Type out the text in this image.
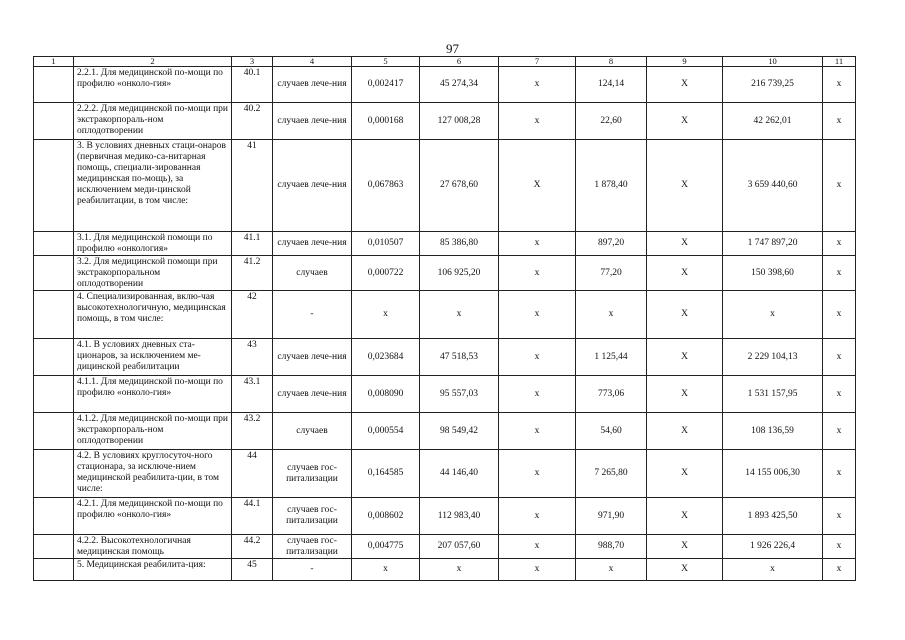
97
1	2	3	4	5	6	7	8	9	10	11
	2.2.1. Для медицинской по-мощи по профилю «онколо-гия»	40.1	случаев лече-ния	0,002417	45 274,34	x	124,14	X	216 739,25	x
	2.2.2. Для медицинской по-мощи при экстракорпораль-ном оплодотворении	40.2	случаев лече-ния	0,000168	127 008,28	x	22,60	X	42 262,01	x
	3. В условиях дневных стаци-онаров (первичная медико-са-нитарная помощь, специали-зированная медицинская по-мощь), за исключением меди-цинской реабилитации, в том числе:	41	случаев лече-ния	0,067863	27 678,60	X	1 878,40	X	3 659 440,60	x
	3.1. Для медицинской помощи по профилю «онкология»	41.1	случаев лече-ния	0,010507	85 386,80	x	897,20	X	1 747 897,20	x
	3.2. Для медицинской помощи при экстракорпоральном оплодотворении	41.2	случаев	0,000722	106 925,20	x	77,20	X	150 398,60	x
	4. Специализированная, вклю-чая высокотехнологичную, медицинская помощь, в том числе:	42	-	x	x	x	x	X	x	x
	4.1. В условиях дневных ста-ционаров, за исключением ме-дицинской реабилитации	43	случаев лече-ния	0,023684	47 518,53	x	1 125,44	X	2 229 104,13	x
	4.1.1. Для медицинской по-мощи по профилю «онколо-гия»	43.1	случаев лече-ния	0,008090	95 557,03	x	773,06	X	1 531 157,95	x
	4.1.2. Для медицинской по-мощи при экстракорпораль-ном оплодотворении	43.2	случаев	0,000554	98 549,42	x	54,60	X	108 136,59	x
	4.2. В условиях круглосуточ-ного стационара, за исключе-нием медицинской реабилита-ции, в том числе:	44	случаев гос-питализации	0,164585	44 146,40	x	7 265,80	X	14 155 006,30	x
	4.2.1. Для медицинской по-мощи по профилю «онколо-гия»	44.1	случаев гос-питализации	0,008602	112 983,40	x	971,90	X	1 893 425,50	x
	4.2.2. Высокотехнологичная медицинская помощь	44.2	случаев гос-питализации	0,004775	207 057,60	x	988,70	X	1 926 226,4	x
	5. Медицинская реабилита-ция:	45	-	x	x	x	x	X	x	x
